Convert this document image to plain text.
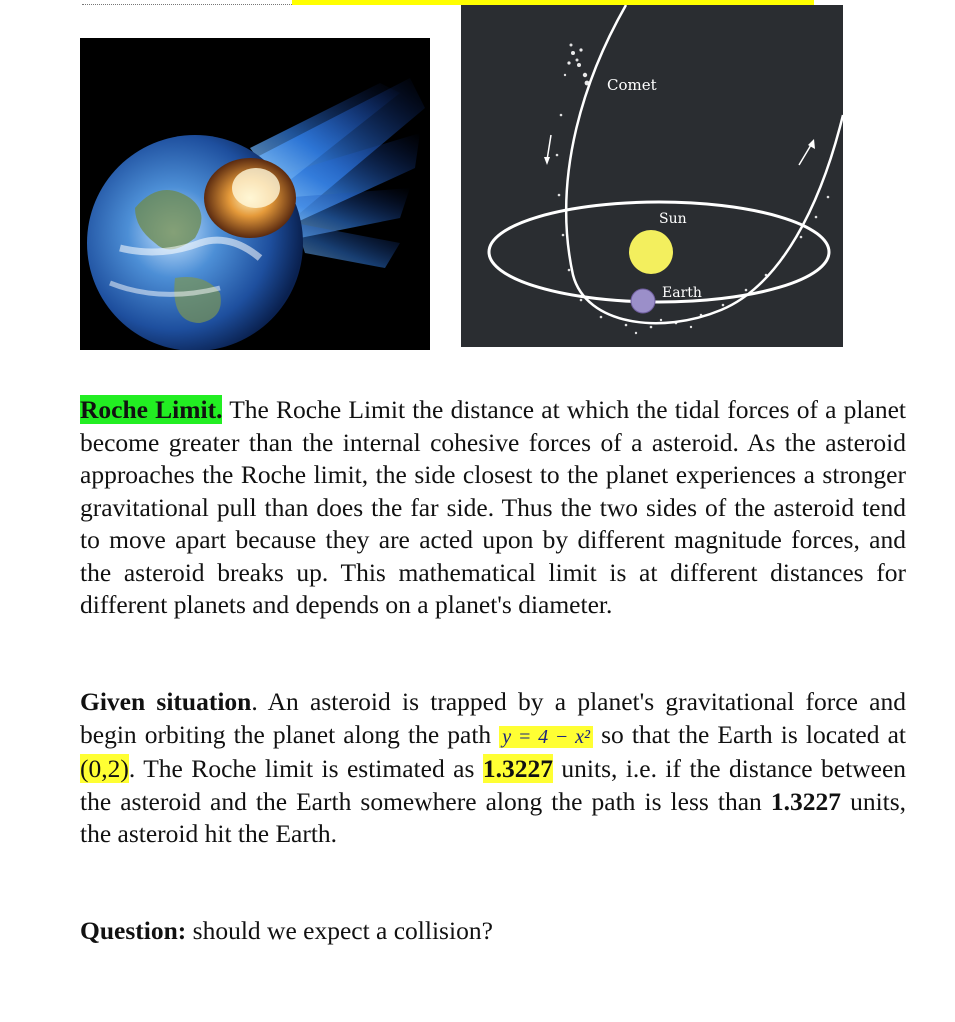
Comet
Sun
Earth
Roche Limit. The Roche Limit the distance at which the tidal forces of a planet become greater than the internal cohesive forces of a asteroid. As the asteroid approaches the Roche limit, the side closest to the planet experiences a stronger gravitational pull than does the far side. Thus the two sides of the asteroid tend to move apart because they are acted upon by different magnitude forces, and the asteroid breaks up. This mathematical limit is at different distances for different planets and depends on a planet's diameter.
Given situation. An asteroid is trapped by a planet's gravitational force and begin orbiting the planet along the path y = 4 − x² so that the Earth is located at (0,2). The Roche limit is estimated as 1.3227 units, i.e. if the distance between the asteroid and the Earth somewhere along the path is less than 1.3227 units, the asteroid hit the Earth.
Question: should we expect a collision?
